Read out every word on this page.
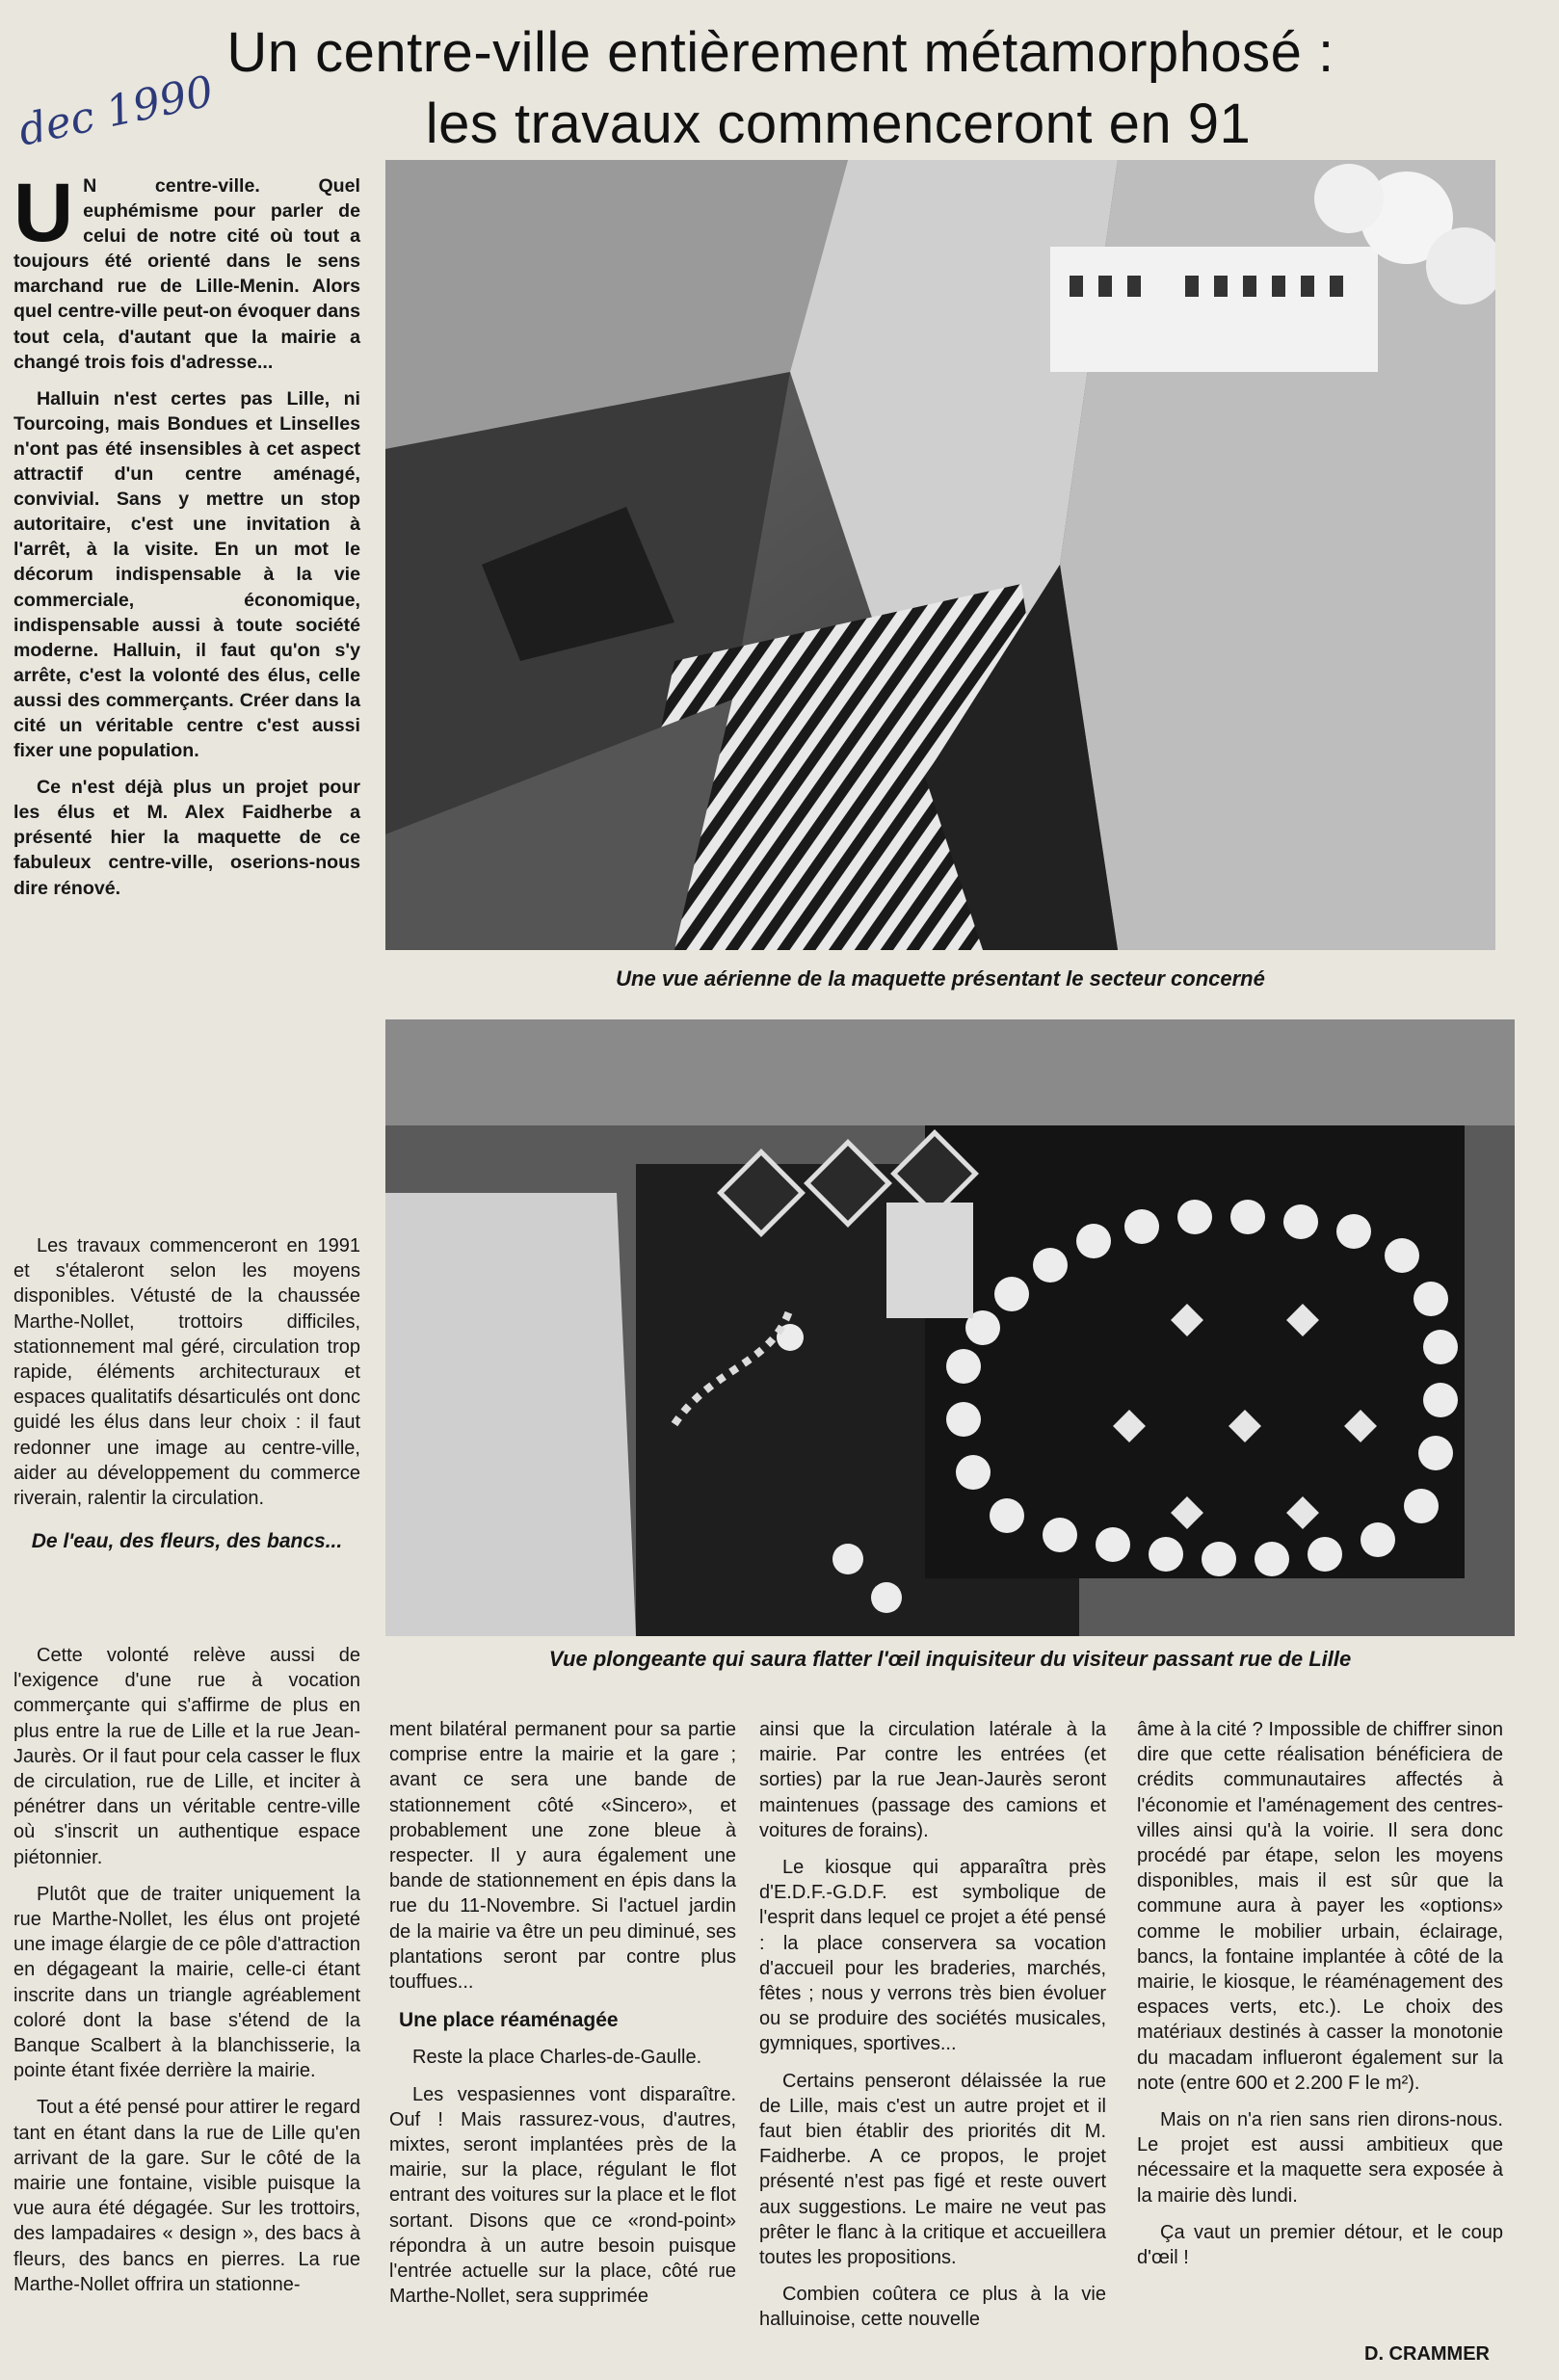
dec 1990
Un centre-ville entièrement métamorphosé :
les travaux commenceront en 91

U N centre-ville. Quel euphémisme pour parler de celui de notre cité où tout a toujours été orienté dans le sens marchand rue de Lille-Menin. Alors quel centre-ville peut-on évoquer dans tout cela, d'autant que la mairie a changé trois fois d'adresse...

Halluin n'est certes pas Lille, ni Tourcoing, mais Bondues et Linselles n'ont pas été insensibles à cet aspect attractif d'un centre aménagé, convivial. Sans y mettre un stop autoritaire, c'est une invitation à l'arrêt, à la visite. En un mot le décorum indispensable à la vie commerciale, économique, indispensable aussi à toute société moderne. Halluin, il faut qu'on s'y arrête, c'est la volonté des élus, celle aussi des commerçants. Créer dans la cité un véritable centre c'est aussi fixer une population.

Ce n'est déjà plus un projet pour les élus et M. Alex Faidherbe a présenté hier la maquette de ce fabuleux centre-ville, oserions-nous dire rénové.

Les travaux commenceront en 1991 et s'étaleront selon les moyens disponibles. Vétusté de la chaussée Marthe-Nollet, trottoirs difficiles, stationnement mal géré, circulation trop rapide, éléments architecturaux et espaces qualitatifs désarticulés ont donc guidé les élus dans leur choix : il faut redonner une image au centre-ville, aider au développement du commerce riverain, ralentir la circulation.

De l'eau, des fleurs, des bancs...

Cette volonté relève aussi de l'exigence d'une rue à vocation commerçante qui s'affirme de plus en plus entre la rue de Lille et la rue Jean-Jaurès. Or il faut pour cela casser le flux de circulation, rue de Lille, et inciter à pénétrer dans un véritable centre-ville où s'inscrit un authentique espace piétonnier.

Plutôt que de traiter uniquement la rue Marthe-Nollet, les élus ont projeté une image élargie de ce pôle d'attraction en dégageant la mairie, celle-ci étant inscrite dans un triangle agréablement coloré dont la base s'étend de la Banque Scalbert à la blanchisserie, la pointe étant fixée derrière la mairie.

Tout a été pensé pour attirer le regard tant en étant dans la rue de Lille qu'en arrivant de la gare. Sur le côté de la mairie une fontaine, visible puisque la vue aura été dégagée. Sur les trottoirs, des lampadaires « design », des bacs à fleurs, des bancs en pierres. La rue Marthe-Nollet offrira un stationne-

Une vue aérienne de la maquette présentant le secteur concerné
Vue plongeante qui saura flatter l'œil inquisiteur du visiteur passant rue de Lille

ment bilatéral permanent pour sa partie comprise entre la mairie et la gare ; avant ce sera une bande de stationnement côté «Sincero», et probablement une zone bleue à respecter. Il y aura également une bande de stationnement en épis dans la rue du 11-Novembre. Si l'actuel jardin de la mairie va être un peu diminué, ses plantations seront par contre plus touffues...

Une place réaménagée

Reste la place Charles-de-Gaulle.

Les vespasiennes vont disparaître. Ouf ! Mais rassurez-vous, d'autres, mixtes, seront implantées près de la mairie, sur la place, régulant le flot entrant des voitures sur la place et le flot sortant. Disons que ce «rond-point» répondra à un autre besoin puisque l'entrée actuelle sur la place, côté rue Marthe-Nollet, sera supprimée

ainsi que la circulation latérale à la mairie. Par contre les entrées (et sorties) par la rue Jean-Jaurès seront maintenues (passage des camions et voitures de forains).

Le kiosque qui apparaîtra près d'E.D.F.-G.D.F. est symbolique de l'esprit dans lequel ce projet a été pensé : la place conservera sa vocation d'accueil pour les braderies, marchés, fêtes ; nous y verrons très bien évoluer ou se produire des sociétés musicales, gymniques, sportives...

Certains penseront délaissée la rue de Lille, mais c'est un autre projet et il faut bien établir des priorités dit M. Faidherbe. A ce propos, le projet présenté n'est pas figé et reste ouvert aux suggestions. Le maire ne veut pas prêter le flanc à la critique et accueillera toutes les propositions.

Combien coûtera ce plus à la vie halluinoise, cette nouvelle

âme à la cité ? Impossible de chiffrer sinon dire que cette réalisation bénéficiera de crédits communautaires affectés à l'économie et l'aménagement des centres-villes ainsi qu'à la voirie. Il sera donc procédé par étape, selon les moyens disponibles, mais il est sûr que la commune aura à payer les «options» comme le mobilier urbain, éclairage, bancs, la fontaine implantée à côté de la mairie, le kiosque, le réaménagement des espaces verts, etc.). Le choix des matériaux destinés à casser la monotonie du macadam influeront également sur la note (entre 600 et 2.200 F le m²).

Mais on n'a rien sans rien dirons-nous. Le projet est aussi ambitieux que nécessaire et la maquette sera exposée à la mairie dès lundi.

Ça vaut un premier détour, et le coup d'œil !

D. CRAMMER
